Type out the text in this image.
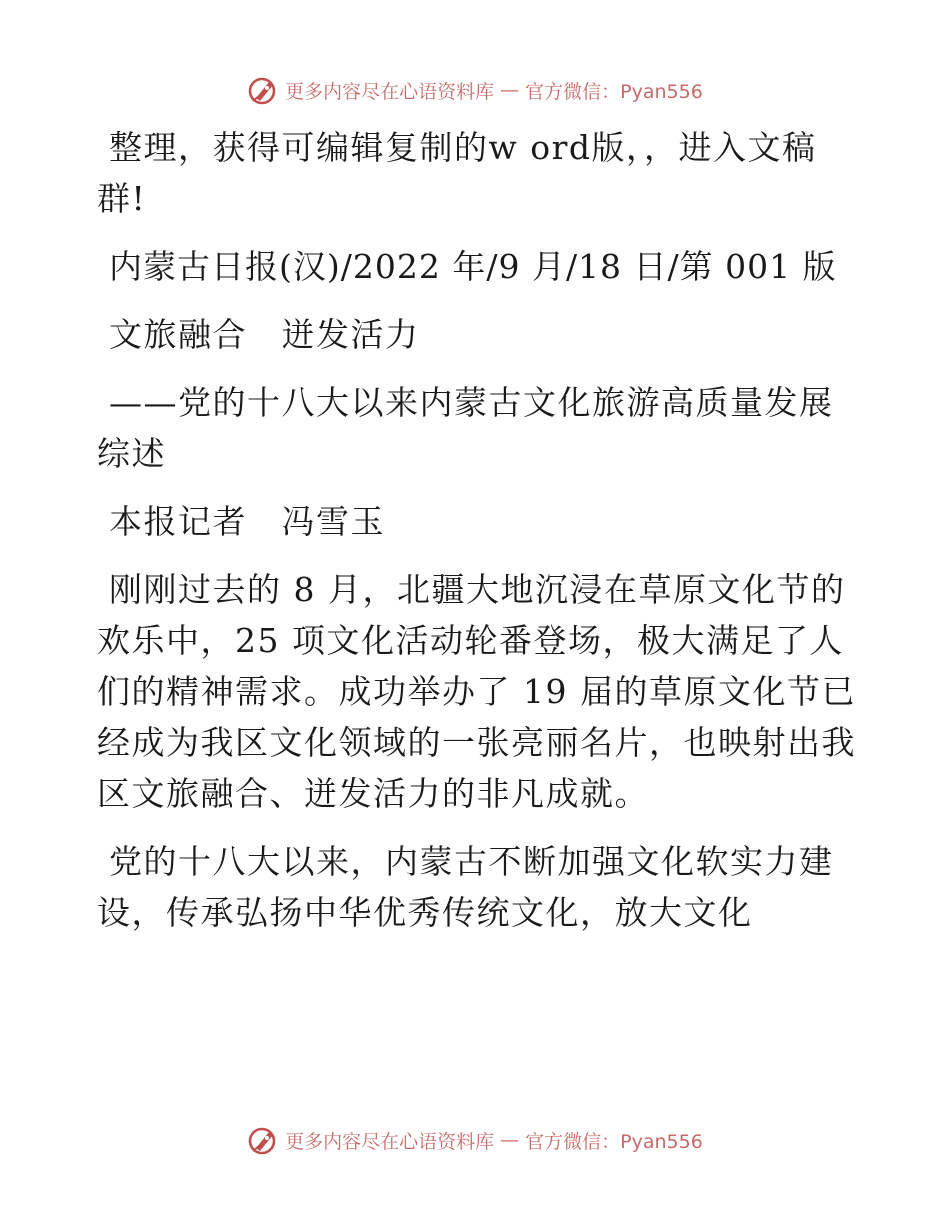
更多内容尽在心语资料库 — 官方微信：Pyan556

整理，获得可编辑复制的w ord版，，进入文稿群!

内蒙古日报(汉)/2022 年/9 月/18 日/第 001 版

文旅融合　迸发活力

——党的十八大以来内蒙古文化旅游高质量发展综述

本报记者　冯雪玉

刚刚过去的 8 月，北疆大地沉浸在草原文化节的欢乐中，25 项文化活动轮番登场，极大满足了人们的精神需求。成功举办了 19 届的草原文化节已经成为我区文化领域的一张亮丽名片，也映射出我区文旅融合、迸发活力的非凡成就。

党的十八大以来，内蒙古不断加强文化软实力建设，传承弘扬中华优秀传统文化，放大文化

更多内容尽在心语资料库 — 官方微信：Pyan556
